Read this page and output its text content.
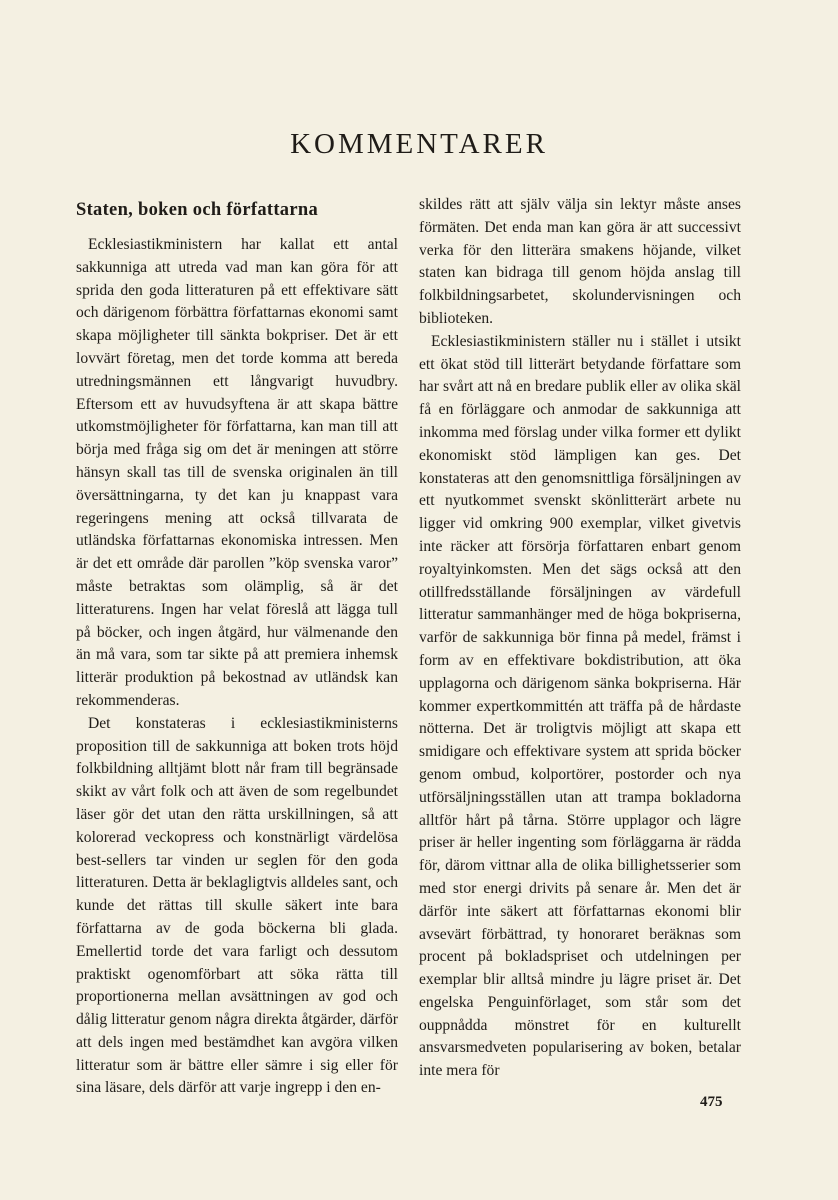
KOMMENTARER
Staten, boken och författarna

Ecklesiastikministern har kallat ett antal sakkunniga att utreda vad man kan göra för att sprida den goda litteraturen på ett effektivare sätt och därigenom förbättra författarnas ekonomi samt skapa möjligheter till sänkta bokpriser. Det är ett lovvärt företag, men det torde komma att bereda utredningsmännen ett långvarigt huvudbry. Eftersom ett av huvudsyftena är att skapa bättre utkomstmöjligheter för författarna, kan man till att börja med fråga sig om det är meningen att större hänsyn skall tas till de svenska originalen än till översättningarna, ty det kan ju knappast vara regeringens mening att också tillvarata de utländska författarnas ekonomiska intressen. Men är det ett område där parollen ”köp svenska varor” måste betraktas som olämplig, så är det litteraturens. Ingen har velat föreslå att lägga tull på böcker, och ingen åtgärd, hur välmenande den än må vara, som tar sikte på att premiera inhemsk litterär produktion på bekostnad av utländsk kan rekommenderas.

Det konstateras i ecklesiastikministerns proposition till de sakkunniga att boken trots höjd folkbildning alltjämt blott når fram till begränsade skikt av vårt folk och att även de som regelbundet läser gör det utan den rätta urskillningen, så att kolorerad veckopress och konstnärligt värdelösa best-sellers tar vinden ur seglen för den goda litteraturen. Detta är beklagligtvis alldeles sant, och kunde det rättas till skulle säkert inte bara författarna av de goda böckerna bli glada. Emellertid torde det vara farligt och dessutom praktiskt ogenomförbart att söka rätta till proportionerna mellan avsättningen av god och dålig litteratur genom några direkta åtgärder, därför att dels ingen med bestämdhet kan avgöra vilken litteratur som är bättre eller sämre i sig eller för sina läsare, dels därför att varje ingrepp i den en-

skildes rätt att själv välja sin lektyr måste anses förmäten. Det enda man kan göra är att successivt verka för den litterära smakens höjande, vilket staten kan bidraga till genom höjda anslag till folkbildningsarbetet, skolundervisningen och biblioteken.

Ecklesiastikministern ställer nu i stället i utsikt ett ökat stöd till litterärt betydande författare som har svårt att nå en bredare publik eller av olika skäl få en förläggare och anmodar de sakkunniga att inkomma med förslag under vilka former ett dylikt ekonomiskt stöd lämpligen kan ges. Det konstateras att den genomsnittliga försäljningen av ett nyutkommet svenskt skönlitterärt arbete nu ligger vid omkring 900 exemplar, vilket givetvis inte räcker att försörja författaren enbart genom royaltyinkomsten. Men det sägs också att den otillfredsställande försäljningen av värdefull litteratur sammanhänger med de höga bokpriserna, varför de sakkunniga bör finna på medel, främst i form av en effektivare bokdistribution, att öka upplagorna och därigenom sänka bokpriserna. Här kommer expertkommittén att träffa på de hårdaste nötterna. Det är troligtvis möjligt att skapa ett smidigare och effektivare system att sprida böcker genom ombud, kolportörer, postorder och nya utförsäljningsställen utan att trampa bokladorna alltför hårt på tårna. Större upplagor och lägre priser är heller ingenting som förläggarna är rädda för, därom vittnar alla de olika billighetsserier som med stor energi drivits på senare år. Men det är därför inte säkert att författarnas ekonomi blir avsevärt förbättrad, ty honoraret beräknas som procent på bokladspriset och utdelningen per exemplar blir alltså mindre ju lägre priset är. Det engelska Penguinförlaget, som står som det ouppnådda mönstret för en kulturellt ansvarsmedveten popularisering av boken, betalar inte mera för

475
